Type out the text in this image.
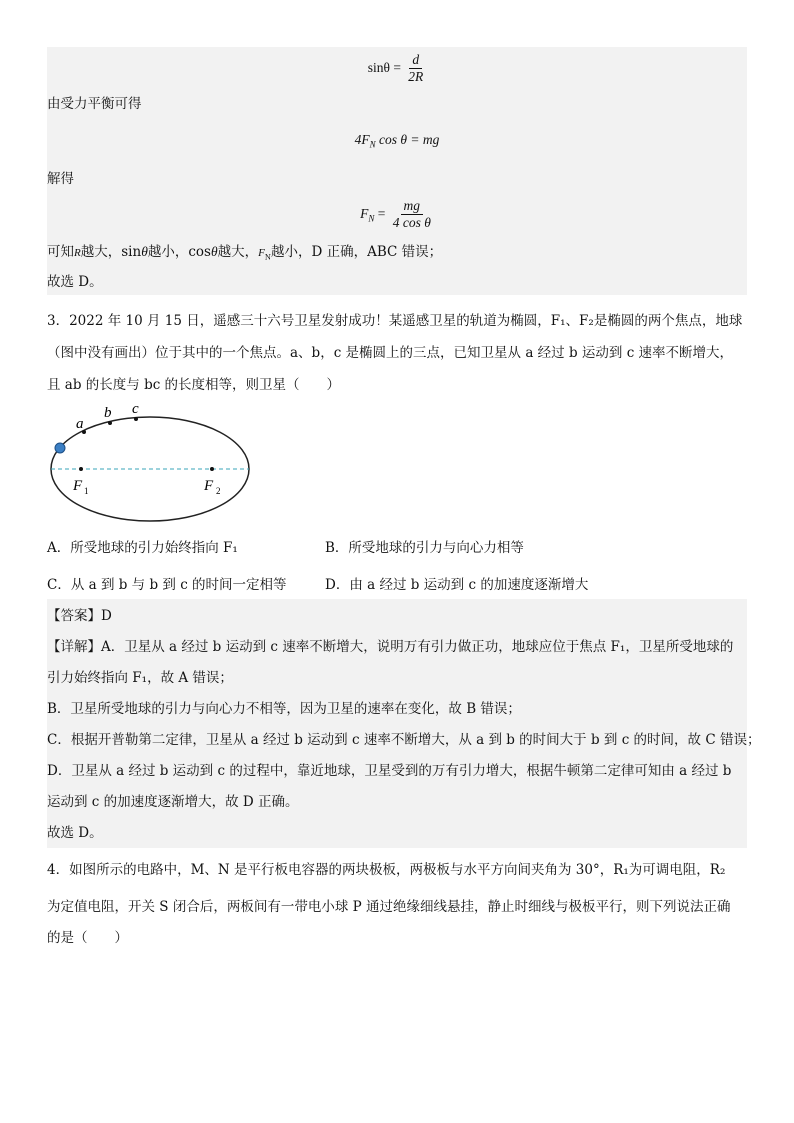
$\sin\theta = \frac{d}{2R}$
由受力平衡可得
$4F_N$ cos θ = mg
解得
$F_N = \frac{mg}{\text{4 cos θ}}$
可知R越大，sinθ越小，cosθ越大，$F_N$越小，D 正确，ABC 错误；
故选 D。
3．2022 年 10 月 15 日，遥感三十六号卫星发射成功！某遥感卫星的轨道为椭圆，F₁、F₂是椭圆的两个焦点，地球
（图中没有画出）位于其中的一个焦点。a、b，c 是椭圆上的三点，已知卫星从 a 经过 b 运动到 c 速率不断增大，
且 ab 的长度与 bc 的长度相等，则卫星（　　）
a
b c
F 1	F 2
A．所受地球的引力始终指向 F₁	B．所受地球的引力与向心力相等
C．从 a 到 b 与 b 到 c 的时间一定相等	D．由 a 经过 b 运动到 c 的加速度逐渐增大
【答案】D
【详解】A．卫星从 a 经过 b 运动到 c 速率不断增大，说明万有引力做正功，地球应位于焦点 F₁，卫星所受地球的
引力始终指向 F₁，故 A 错误；
B．卫星所受地球的引力与向心力不相等，因为卫星的速率在变化，故 B 错误；
C．根据开普勒第二定律，卫星从 a 经过 b 运动到 c 速率不断增大，从 a 到 b 的时间大于 b 到 c 的时间，故 C 错误；
D．卫星从 a 经过 b 运动到 c 的过程中，靠近地球，卫星受到的万有引力增大，根据牛顿第二定律可知由 a 经过 b
运动到 c 的加速度逐渐增大，故 D 正确。
故选 D。
4．如图所示的电路中，M、N 是平行板电容器的两块极板，两极板与水平方向间夹角为 30°，R₁为可调电阻，R₂
为定值电阻，开关 S 闭合后，两板间有一带电小球 P 通过绝缘细线悬挂，静止时细线与极板平行，则下列说法正确
的是（　　）
